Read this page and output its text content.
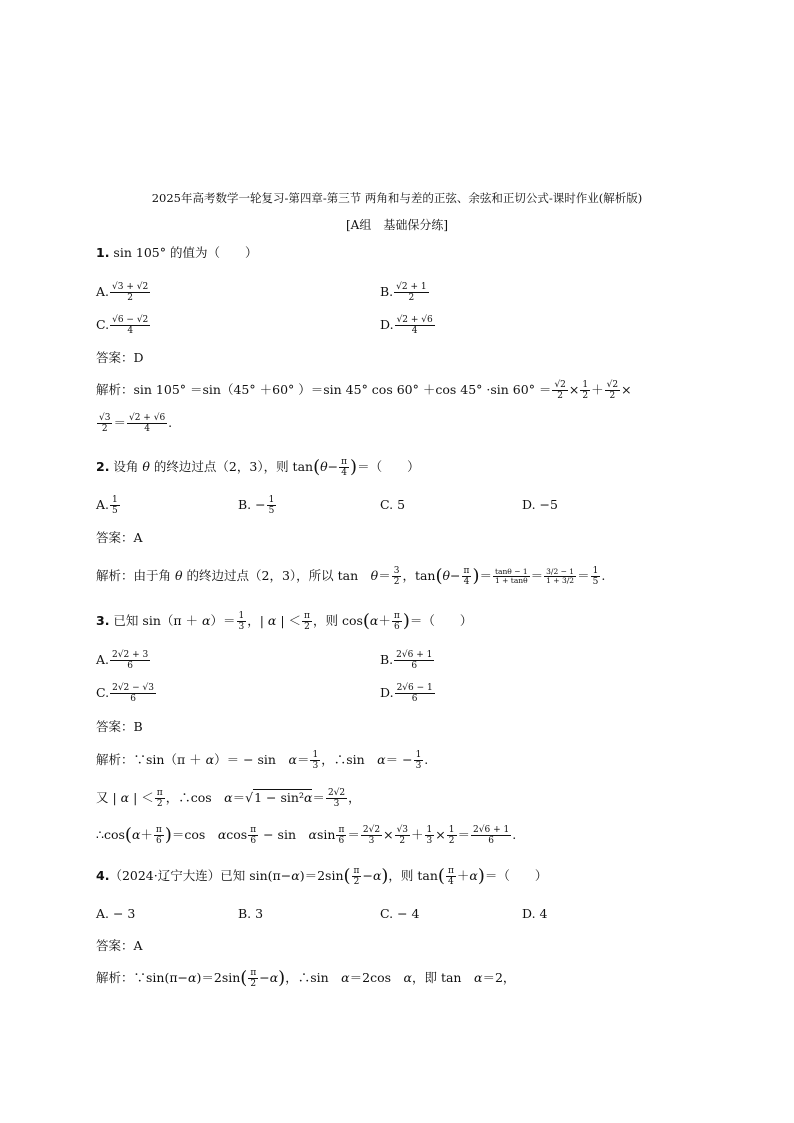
2025年高考数学一轮复习-第四章-第三节 两角和与差的正弦、余弦和正切公式-课时作业(解析版)
[A组　基础保分练]
1. sin 105° 的值为（　　）
A. $\frac{√3 + √2}{2}$	B. $\frac{√2 + 1}{2}$
C. $\frac{√6 - √2}{4}$	D. $\frac{√2 + √6}{4}$
答案：D
解析：sin 105° ＝sin（45° ＋60° ）＝sin 45° cos 60° ＋cos 45° ·sin $60^\circ = \frac{√2}{2} \times \frac{1}{2} + \frac{√2}{2}$ ×
$\frac{√3}{2} = \frac{√2 + √6}{4}$ .
2. 设角 θ 的终边过点（2，3），则 $\tan(\theta- \frac{\pi}{4}$ )＝（　　）
A. $\frac{1}{5}$	B. − $\frac{1}{5}$	C. 5	D. −5
答案：A
解析：由于角 θ 的终边过点（2，3），所以 tan　$\theta= \frac{3}{2}$ ，$\tan(\theta- \frac{\pi}{4}$ )＝ $\frac{\tan\theta - 1}{1 + \tan\theta} = \frac{3/2 - 1}{1 + 3/2} = \frac{1}{5}$ .
3. 已知 $\sin(\pi + \alpha)= \frac{1}{3}$ ，| α | ＜ $\frac{\pi}{2}$ ，则 $\cos(\alpha+ \frac{\pi}{6}$ )＝（　　）
A. $\frac{2√2 + 3}{6}$	B. $\frac{2√6 + 1}{6}$
C. $\frac{2√2 - √3}{6}$	D. $\frac{2√6 - 1}{6}$
答案：B
解析：∵sin（π ＋ α）＝ − sin　$\alpha= \frac{1}{3}$ ，∴sin　$\alpha= - \frac{1}{3}$ .
又 | α | ＜ $\frac{\pi}{2}$ ，∴cos　$\alpha=√1 - \sin^2\alpha= \frac{2√2}{3}$ ，
∴cos(α＋ $\frac{\pi}{6} )=\cos$　αcos $\frac{\pi}{6} - \sin$　αsin $\frac{\pi}{6} = \frac{2√2}{3} \times \frac{√3}{2} + \frac{1}{3} \times \frac{1}{2} = \frac{2√6 + 1}{6}$ .
4.（2024·辽宁大连）已知 $\sin(\pi-\alpha)=2\sin( \frac{\pi}{2} -\alpha)$，则 $\tan( \frac{\pi}{4} +\alpha)=$（　　）
A. − 3	B. 3	C. − 4	D. 4
答案：A
解析：∵sin(π−α)＝2sin( $\frac{\pi}{2} -\alpha$)，∴sin　α＝2cos　α，即 tan　α＝2，
